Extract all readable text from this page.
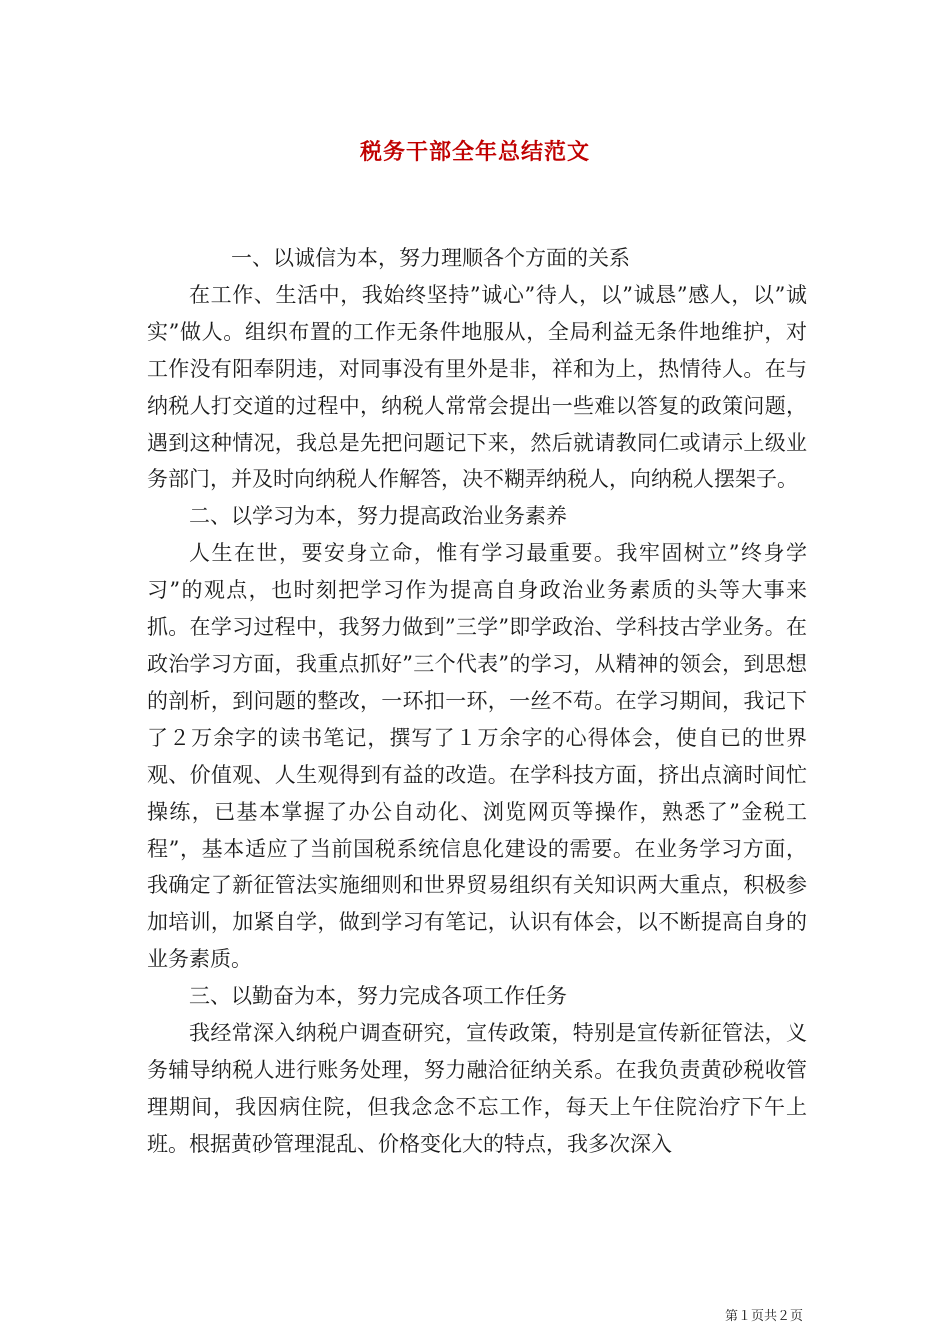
税务干部全年总结范文

一、以诚信为本，努力理顺各个方面的关系

在工作、生活中，我始终坚持”诚心”待人，以”诚恳”感人，以”诚实”做人。组织布置的工作无条件地服从，全局利益无条件地维护，对工作没有阳奉阴违，对同事没有里外是非，祥和为上，热情待人。在与纳税人打交道的过程中，纳税人常常会提出一些难以答复的政策问题，遇到这种情况，我总是先把问题记下来，然后就请教同仁或请示上级业务部门，并及时向纳税人作解答，决不糊弄纳税人，向纳税人摆架子。

二、以学习为本，努力提高政治业务素养

人生在世，要安身立命，惟有学习最重要。我牢固树立”终身学习”的观点，也时刻把学习作为提高自身政治业务素质的头等大事来抓。在学习过程中，我努力做到”三学”即学政治、学科技古学业务。在政治学习方面，我重点抓好”三个代表”的学习，从精神的领会，到思想的剖析，到问题的整改，一环扣一环，一丝不苟。在学习期间，我记下了２万余字的读书笔记，撰写了１万余字的心得体会，使自已的世界观、价值观、人生观得到有益的改造。在学科技方面，挤出点滴时间忙操练，已基本掌握了办公自动化、浏览网页等操作，熟悉了”金税工程”，基本适应了当前国税系统信息化建设的需要。在业务学习方面，我确定了新征管法实施细则和世界贸易组织有关知识两大重点，积极参加培训，加紧自学，做到学习有笔记，认识有体会，以不断提高自身的业务素质。

三、以勤奋为本，努力完成各项工作任务

我经常深入纳税户调查研究，宣传政策，特别是宣传新征管法，义务辅导纳税人进行账务处理，努力融洽征纳关系。在我负责黄砂税收管理期间，我因病住院，但我念念不忘工作，每天上午住院治疗下午上班。根据黄砂管理混乱、价格变化大的特点，我多次深入

第１页共２页
